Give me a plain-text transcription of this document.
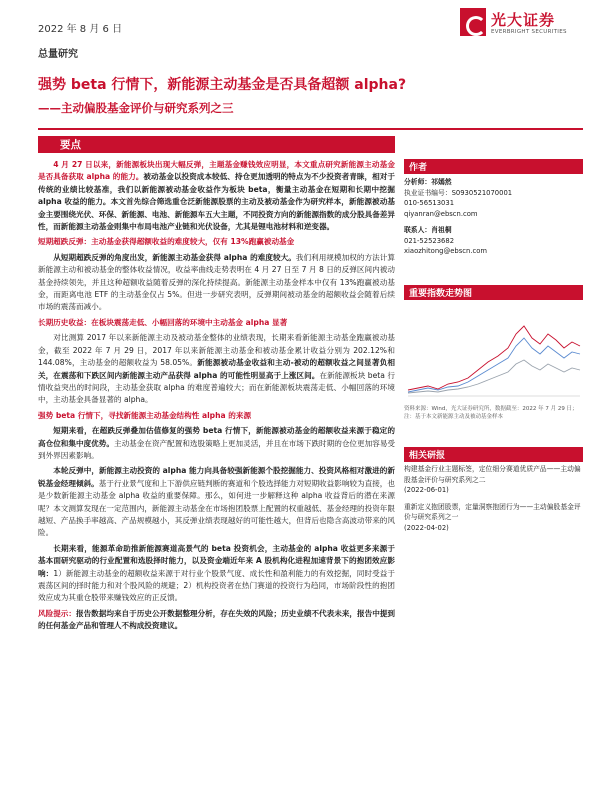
2022 年 8 月 6 日
光大证券
EVERBRIGHT SECURITIES
总量研究
强势 beta 行情下，新能源主动基金是否具备超额 alpha?
——主动偏股基金评价与研究系列之三
要点

4 月 27 日以来，新能源板块出现大幅反弹，主题基金赚钱效应明显，本文重点研究新能源主动基金是否具备获取 alpha 的能力。被动基金以投资成本较低、持仓更加透明的特点为不少投资者青睐，相对于传统的业绩比较基准，我们以新能源被动基金收益作为板块 beta，衡量主动基金在短期和长期中挖掘 alpha 收益的能力。本文首先综合筛选重仓泛新能源股票的主动及被动基金作为研究样本，新能源被动基金主要围绕光伏、环保、新能源、电池、新能源车五大主题，不同投资方向的新能源指数的成分股具备差异性，而新能源主动基金则集中布局电池产业链和光伏设备，尤其是锂电池材料和逆变器。

短期超跌反弹：主动基金获得超额收益的难度较大，仅有 13%跑赢被动基金

从短期超跌反弹的角度出发，新能源主动基金获得 alpha 的难度较大。我们利用规模加权的方法计算新能源主动和被动基金的整体收益情况，收益率曲线走势表明在 4 月 27 日至 7 月 8 日的反弹区间内被动基金持续领先，并且这种超额收益随着反弹的深化持续提高。新能源主动基金样本中仅有 13%跑赢被动基金，而距离电池 ETF 的主动基金仅占 5%。但进一步研究表明，反弹期间被动基金的超额收益会随着后续市场的震荡而减小。

长期历史收益：在板块震荡走低、小幅回落的环境中主动基金 alpha 显著

对比测算 2017 年以来新能源主动及被动基金整体的业绩表现，长期来看新能源主动基金跑赢被动基金，截至 2022 年 7 月 29 日，2017 年以来新能源主动基金和被动基金累计收益分别为 202.12%和 144.08%，主动基金的超额收益为 58.05%。新能源被动基金收益和主动-被动的超额收益之间显著负相关，在震荡和下跌区间内新能源主动产品获得 alpha 的可能性明显高于上涨区间。在新能源板块 beta 行情收益突出的时间段，主动基金获取 alpha 的难度普遍较大；而在新能源板块震荡走低、小幅回落的环境中，主动基金具备显著的 alpha。

强势 beta 行情下，寻找新能源主动基金结构性 alpha 的来源

短期来看，在超跌反弹叠加估值修复的强势 beta 行情下，新能源被动基金的超额收益来源于稳定的高仓位和集中度优势。主动基金在资产配置和选股策略上更加灵活，并且在市场下跌时期的仓位更加容易受到外界因素影响。

本轮反弹中，新能源主动投资的 alpha 能力向具备较强新能源个股挖掘能力、投资风格相对激进的新锐基金经理倾斜。基于行业景气度和上下游供应链判断的赛道和个股选择能力对短期收益影响较为直接，也是少数新能源主动基金 alpha 收益的重要保障。那么，如何进一步解释这种 alpha 收益背后的潜在来源呢？本文测算发现在一定范围内，新能源主动基金在市场抱团股票上配置的权重越低、基金经理的投资年限越短、产品换手率越高、产品规模越小，其反弹业绩表现越好的可能性越大，但背后也隐含高波动带来的风险。

长期来看，能源革命助推新能源赛道高景气的 beta 投资机会，主动基金的 alpha 收益更多来源于基本面研究驱动的行业配置和选股择时能力，以及资金端近年来 A 股机构化进程加速背景下的抱团效应影响：1）新能源主动基金的超额收益来源于对行业个股景气度、成长性和盈利能力的有效挖掘，同时受益于震荡区间的择时能力和对个股风险的规避；2）机构投资者在热门赛道的投资行为趋同，市场阶段性的抱团效应成为其重仓股带来赚钱效应的正反馈。

风险提示：报告数据均来自于历史公开数据整理分析，存在失效的风险；历史业绩不代表未来，报告中提到的任何基金产品和管理人不构成投资建议。

作者
分析师：祁嫣然
执业证书编号：S0930521070001
010-56513031
qiyanran@ebscn.com
联系人：肖祖桐
021-52523682
xiaozhitong@ebscn.com
重要指数走势图
资料来源：Wind，光大证券研究所，数据截至：2022 年 7 月 29 日；
注：基于本文新能源主动及被动基金样本
相关研报
构建基金行业主题标签，定位细分赛道优质产品——主动偏股基金评价与研究系列之二
(2022-06-01)
重新定义抱团股票，定量洞察抱团行为——主动偏股基金评价与研究系列之一
(2022-04-02)
